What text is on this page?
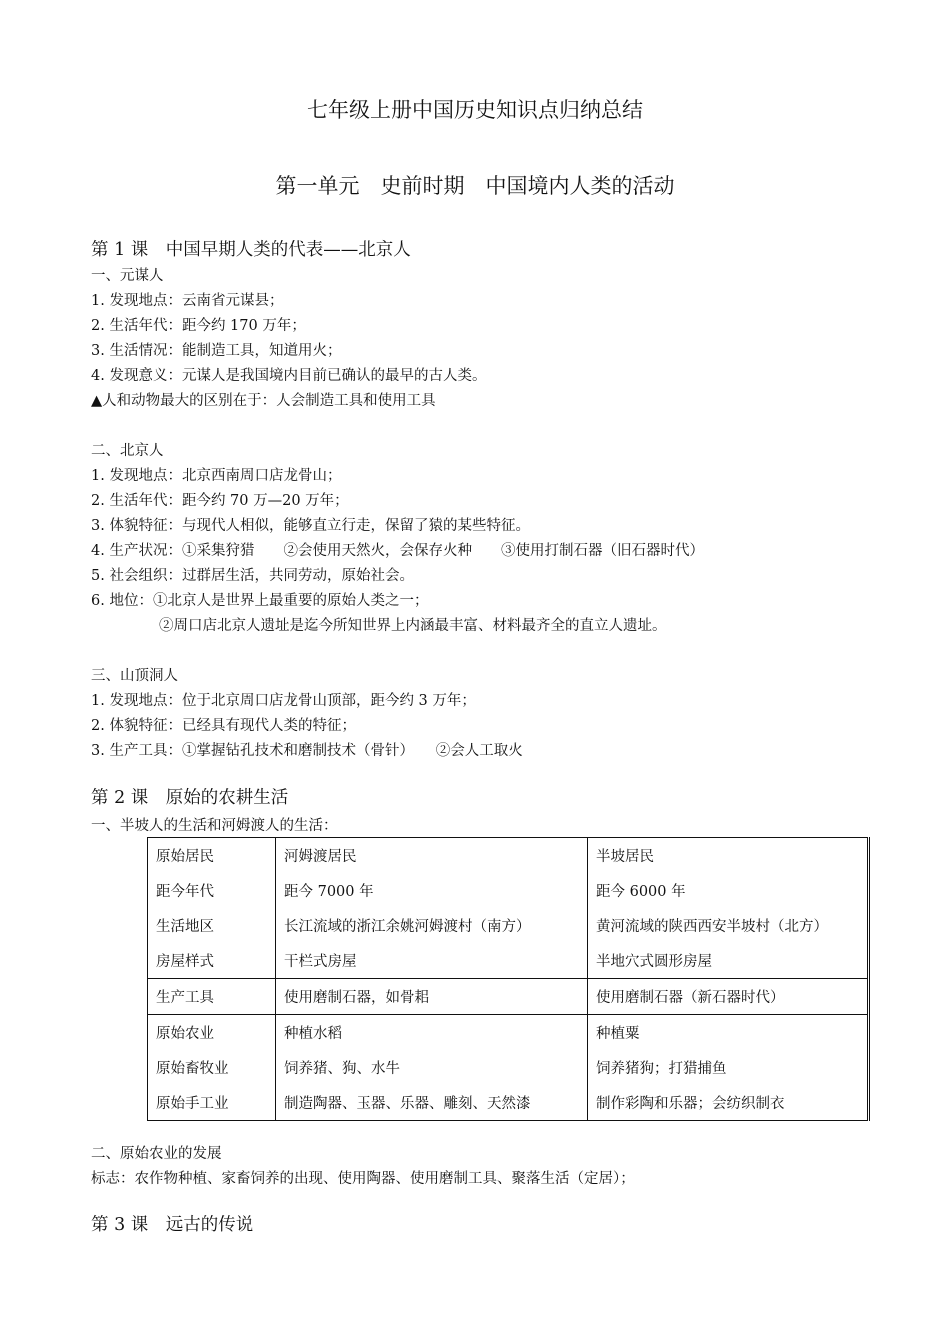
七年级上册中国历史知识点归纳总结
第一单元　史前时期　中国境内人类的活动
第 1 课　中国早期人类的代表——北京人
一、元谋人
1. 发现地点：云南省元谋县；
2. 生活年代：距今约 170 万年；
3. 生活情况：能制造工具，知道用火；
4. 发现意义：元谋人是我国境内目前已确认的最早的古人类。
▲人和动物最大的区别在于：人会制造工具和使用工具
二、北京人
1. 发现地点：北京西南周口店龙骨山；
2. 生活年代：距今约 70 万—20 万年；
3. 体貌特征：与现代人相似，能够直立行走，保留了猿的某些特征。
4. 生产状况：①采集狩猎　　②会使用天然火，会保存火种　　③使用打制石器（旧石器时代）
5. 社会组织：过群居生活，共同劳动，原始社会。
6. 地位：①北京人是世界上最重要的原始人类之一；
②周口店北京人遗址是迄今所知世界上内涵最丰富、材料最齐全的直立人遗址。
三、山顶洞人
1. 发现地点：位于北京周口店龙骨山顶部，距今约 3 万年；
2. 体貌特征：已经具有现代人类的特征；
3. 生产工具：①掌握钻孔技术和磨制技术（骨针）　　②会人工取火
第 2 课　原始的农耕生活
一、半坡人的生活和河姆渡人的生活：
原始居民	河姆渡居民	半坡居民
距今年代	距今 7000 年	距今 6000 年
生活地区	长江流域的浙江余姚河姆渡村（南方）	黄河流域的陕西西安半坡村（北方）
房屋样式	干栏式房屋	半地穴式圆形房屋
生产工具	使用磨制石器，如骨耜	使用磨制石器（新石器时代）
原始农业	种植水稻	种植粟
原始畜牧业	饲养猪、狗、水牛	饲养猪狗；打猎捕鱼
原始手工业	制造陶器、玉器、乐器、雕刻、天然漆	制作彩陶和乐器；会纺织制衣
二、原始农业的发展
标志：农作物种植、家畜饲养的出现、使用陶器、使用磨制工具、聚落生活（定居）；
第 3 课　远古的传说
